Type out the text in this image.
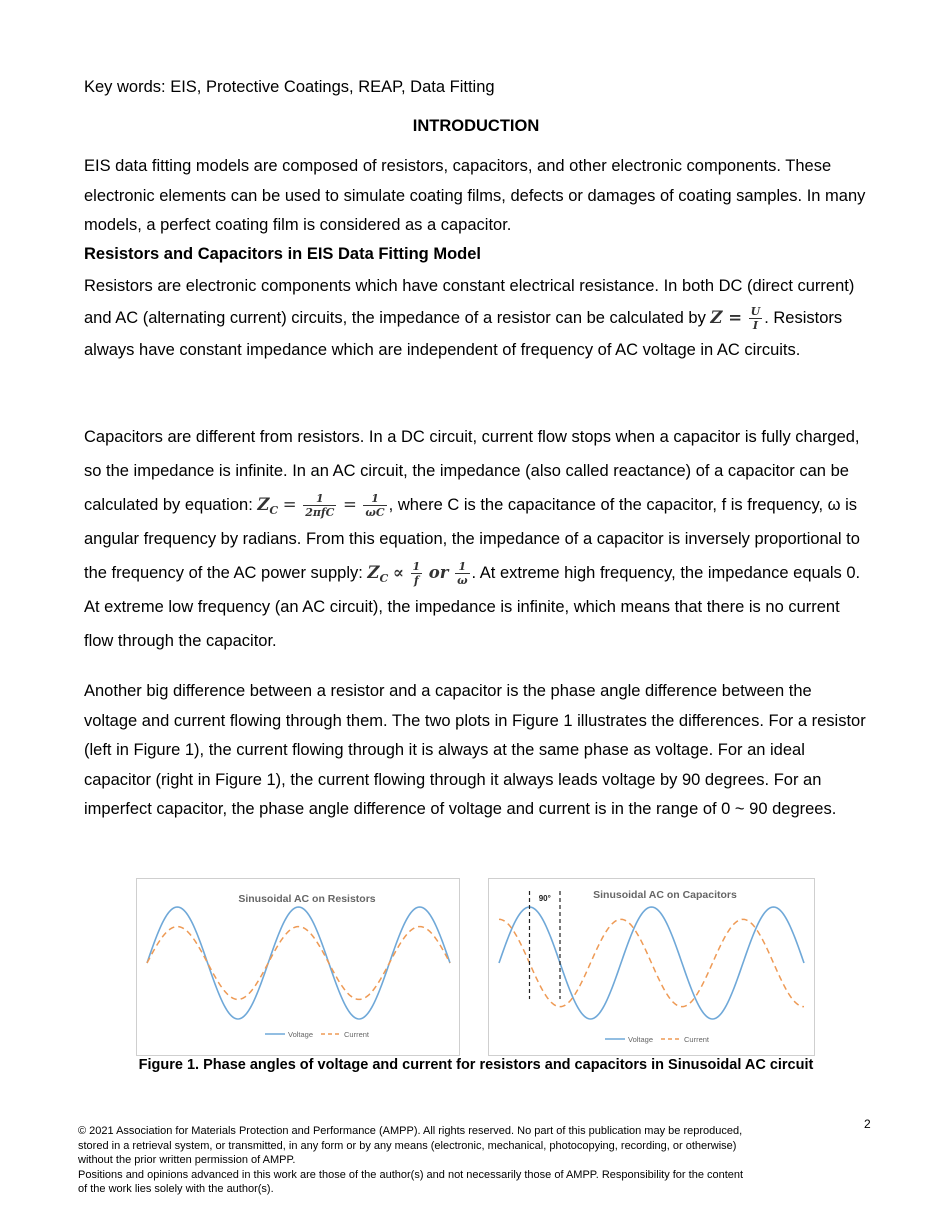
Key words: EIS, Protective Coatings, REAP, Data Fitting

INTRODUCTION

EIS data fitting models are composed of resistors, capacitors, and other electronic components. These electronic elements can be used to simulate coating films, defects or damages of coating samples. In many models, a perfect coating film is considered as a capacitor.

Resistors and Capacitors in EIS Data Fitting Model

Resistors are electronic components which have constant electrical resistance. In both DC (direct current) and AC (alternating current) circuits, the impedance of a resistor can be calculated by $Z = \frac{U}{I}$ . Resistors always have constant impedance which are independent of frequency of AC voltage in AC circuits.

Capacitors are different from resistors. In a DC circuit, current flow stops when a capacitor is fully charged, so the impedance is infinite. In an AC circuit, the impedance (also called reactance) of a capacitor can be calculated by equation: $Z_C = \frac{1}{\text{2πfC}} = \frac{1}{\omega C}$ , where C is the capacitance of the capacitor, f is frequency, ω is angular frequency by radians. From this equation, the impedance of a capacitor is inversely proportional to the frequency of the AC power supply: $Z_C \propto \frac{1}{f}$ or $\frac{1}{\omega}$ . At extreme high frequency, the impedance equals 0. At extreme low frequency (an AC circuit), the impedance is infinite, which means that there is no current flow through the capacitor.

Another big difference between a resistor and a capacitor is the phase angle difference between the voltage and current flowing through them. The two plots in Figure 1 illustrates the differences. For a resistor (left in Figure 1), the current flowing through it is always at the same phase as voltage. For an ideal capacitor (right in Figure 1), the current flowing through it always leads voltage by 90 degrees. For an imperfect capacitor, the phase angle difference of voltage and current is in the range of 0 ~ 90 degrees.

Sinusoidal AC on Resistors
Voltage	Current
Sinusoidal AC on Capacitors
Voltage	Current
90°
Figure 1. Phase angles of voltage and current for resistors and capacitors in Sinusoidal AC circuit
2
© 2021 Association for Materials Protection and Performance (AMPP). All rights reserved. No part of this publication may be reproduced,
stored in a retrieval system, or transmitted, in any form or by any means (electronic, mechanical, photocopying, recording, or otherwise)
without the prior written permission of AMPP.
Positions and opinions advanced in this work are those of the author(s) and not necessarily those of AMPP. Responsibility for the content
of the work lies solely with the author(s).
